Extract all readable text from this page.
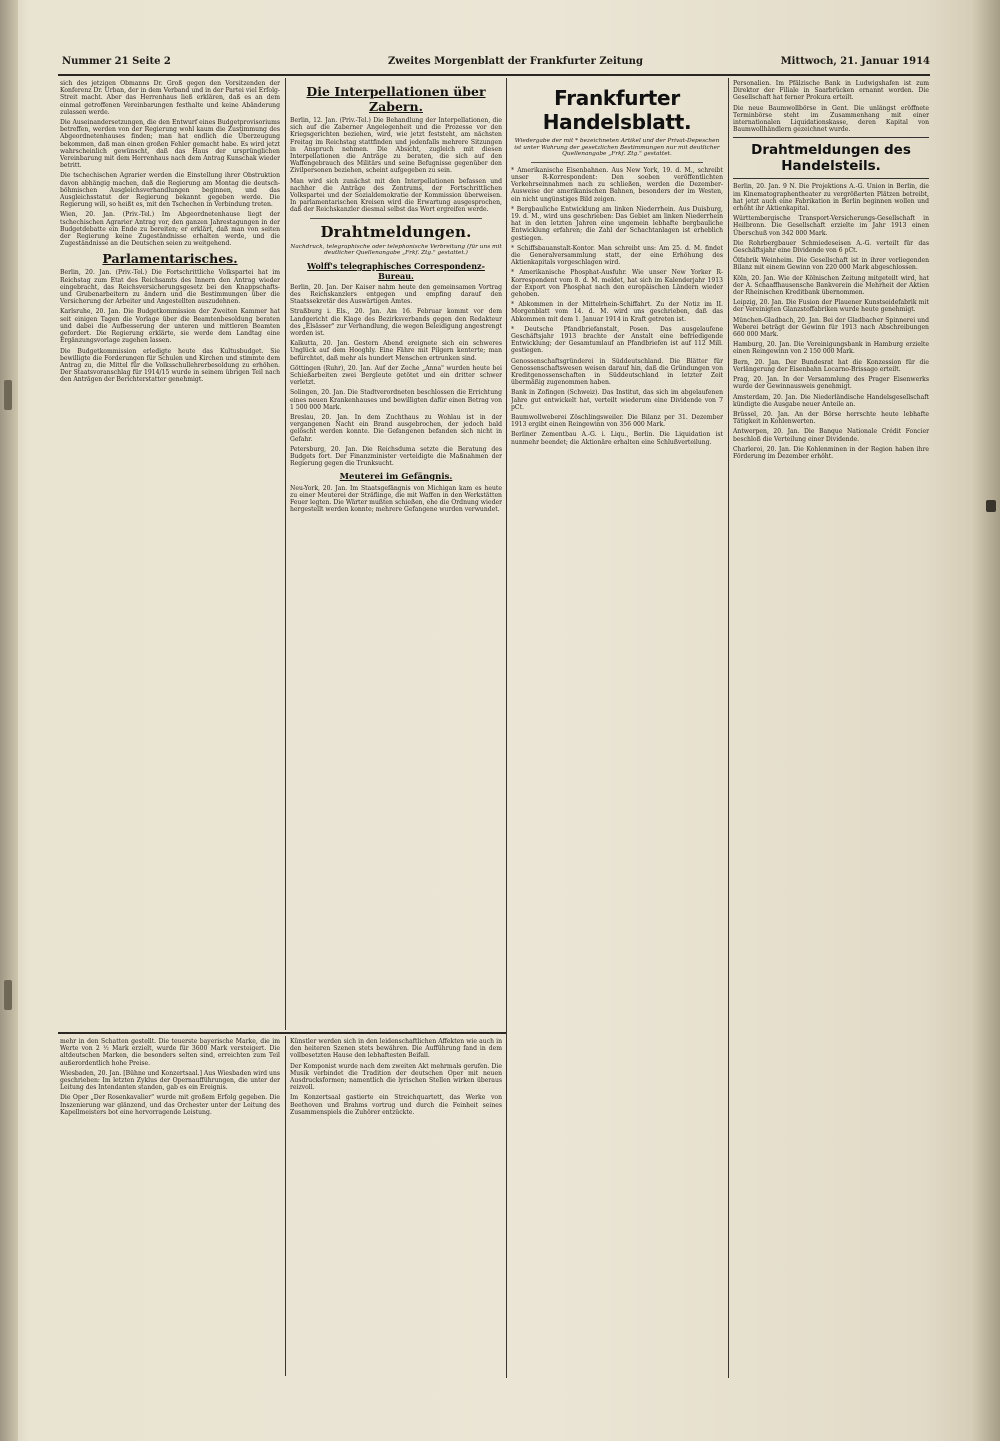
Nummer 21 Seite 2	Zweites Morgenblatt der Frankfurter Zeitung	Mittwoch, 21. Januar 1914

sich des jetzigen Obmanns Dr. Groß gegen den Vorsitzenden der Konferenz Dr. Urban, der in dem Verband und in der Partei viel Erfolg-Streit macht. Aber das Herrenhaus ließ erklären, daß es an dem einmal getroffenen Vereinbarungen festhalte und keine Abänderung zulassen werde.

Die Auseinandersetzungen, die den Entwurf eines Budgetprovisoriums betreffen, werden von der Regierung wohl kaum die Zustimmung des Abgeordnetenhauses finden; man hat endlich die Überzeugung bekommen, daß man einen großen Fehler gemacht habe. Es wird jetzt wahrscheinlich gewünscht, daß das Haus der ursprünglichen Vereinbarung mit dem Herrenhaus nach dem Antrag Kunschak wieder betritt.

Die tschechischen Agrarier werden die Einstellung ihrer Obstruktion davon abhängig machen, daß die Regierung am Montag die deutsch-böhmischen Ausgleichsverhandlungen beginnen, und das Ausgleichsstatut der Regierung bekannt gegeben werde. Die Regierung will, so heißt es, mit den Tschechen in Verbindung treten.

Wien, 20. Jan. (Priv.-Tel.) Im Abgeordnetenhause liegt der tschechischen Agrarier Antrag vor, den ganzen Jahrestagungen in der Budgetdebatte ein Ende zu bereiten; er erklärt, daß man von seiten der Regierung keine Zugeständnisse erhalten werde, und die Zugeständnisse an die Deutschen seien zu weitgehend.

Parlamentarisches.

Berlin, 20. Jan. (Priv.-Tel.) Die Fortschrittliche Volkspartei hat im Reichstag zum Etat des Reichsamts des Innern den Antrag wieder eingebracht, das Reichsversicherungsgesetz bei den Knappschafts- und Grubenarbeitern zu ändern und die Bestimmungen über die Versicherung der Arbeiter und Angestellten auszudehnen.

Karlsruhe, 20. Jan. Die Budgetkommission der Zweiten Kammer hat seit einigen Tagen die Vorlage über die Beamtenbesoldung beraten und dabei die Aufbesserung der unteren und mittleren Beamten gefordert. Die Regierung erklärte, sie werde dem Landtag eine Ergänzungsvorlage zugehen lassen.

Die Budgetkommission erledigte heute das Kultusbudget. Sie bewilligte die Forderungen für Schulen und Kirchen und stimmte dem Antrag zu, die Mittel für die Volksschullehrerbesoldung zu erhöhen. Der Staatsvoranschlag für 1914/15 wurde in seinem übrigen Teil nach den Anträgen der Berichterstatter genehmigt.

Die Interpellationen über Zabern.

Berlin, 12. Jan. (Priv.-Tel.) Die Behandlung der Interpellationen, die sich auf die Zaberner Angelegenheit und die Prozesse vor den Kriegsgerichten beziehen, wird, wie jetzt feststeht, am nächsten Freitag im Reichstag stattfinden und jedenfalls mehrere Sitzungen in Anspruch nehmen. Die Absicht, zugleich mit diesen Interpellationen die Anträge zu beraten, die sich auf den Waffengebrauch des Militärs und seine Befugnisse gegenüber den Zivilpersonen beziehen, scheint aufgegeben zu sein.

Man wird sich zunächst mit den Interpellationen befassen und nachher die Anträge des Zentrums, der Fortschrittlichen Volkspartei und der Sozialdemokratie der Kommission überweisen. In parlamentarischen Kreisen wird die Erwartung ausgesprochen, daß der Reichskanzler diesmal selbst das Wort ergreifen werde.

Drahtmeldungen.

Nachdruck, telegraphische oder telephonische Verbreitung (für uns mit deutlicher Quellenangabe „Frkf. Ztg." gestattet.)

Wolff's telegraphisches Correspondenz-Bureau.

Berlin, 20. Jan. Der Kaiser nahm heute den gemeinsamen Vortrag des Reichskanzlers entgegen und empfing darauf den Staatssekretär des Auswärtigen Amtes.

Straßburg i. Els., 20. Jan. Am 16. Februar kommt vor dem Landgericht die Klage des Bezirksverbands gegen den Redakteur des „Elsässer" zur Verhandlung, die wegen Beleidigung angestrengt worden ist.

Kalkutta, 20. Jan. Gestern Abend ereignete sich ein schweres Unglück auf dem Hooghly. Eine Fähre mit Pilgern kenterte; man befürchtet, daß mehr als hundert Menschen ertrunken sind.

Göttingen (Ruhr), 20. Jan. Auf der Zeche „Anna" wurden heute bei Schießarbeiten zwei Bergleute getötet und ein dritter schwer verletzt.

Solingen, 20. Jan. Die Stadtverordneten beschlossen die Errichtung eines neuen Krankenhauses und bewilligten dafür einen Betrag von 1 500 000 Mark.

Breslau, 20. Jan. In dem Zuchthaus zu Wohlau ist in der vergangenen Nacht ein Brand ausgebrochen, der jedoch bald gelöscht werden konnte. Die Gefangenen befanden sich nicht in Gefahr.

Petersburg, 20. Jan. Die Reichsduma setzte die Beratung des Budgets fort. Der Finanzminister verteidigte die Maßnahmen der Regierung gegen die Trunksucht.

Meuterei im Gefängnis.

Neu-York, 20. Jan. Im Staatsgefängnis von Michigan kam es heute zu einer Meuterei der Sträflinge, die mit Waffen in den Werkstätten Feuer legten. Die Wärter mußten schießen, ehe die Ordnung wieder hergestellt werden konnte; mehrere Gefangene wurden verwundet.

Frankfurter Handelsblatt.

Wiedergabe der mit * bezeichneten Artikel und der Privat-Depeschen ist unter Wahrung der gesetzlichen Bestimmungen nur mit deutlicher Quellenangabe „Frkf. Ztg." gestattet.

* Amerikanische Eisenbahnen. Aus New York, 19. d. M., schreibt unser R-Korrespondent: Den soeben veröffentlichten Verkehrseinnahmen nach zu schließen, werden die Dezember-Ausweise der amerikanischen Bahnen, besonders der im Westen, ein nicht ungünstiges Bild zeigen.

* Bergbauliche Entwicklung am linken Niederrhein. Aus Duisburg, 19. d. M., wird uns geschrieben: Das Gebiet am linken Niederrhein hat in den letzten Jahren eine ungemein lebhafte bergbauliche Entwicklung erfahren; die Zahl der Schachtanlagen ist erheblich gestiegen.

* Schiffsbauanstalt-Kontor. Man schreibt uns: Am 25. d. M. findet die Generalversammlung statt, der eine Erhöhung des Aktienkapitals vorgeschlagen wird.

* Amerikanische Phosphat-Ausfuhr. Wie unser New Yorker R-Korrespondent vom 8. d. M. meldet, hat sich im Kalenderjahr 1913 der Export von Phosphat nach den europäischen Ländern wieder gehoben.

* Abkommen in der Mittelrhein-Schiffahrt. Zu der Notiz im II. Morgenblatt vom 14. d. M. wird uns geschrieben, daß das Abkommen mit dem 1. Januar 1914 in Kraft getreten ist.

* Deutsche Pfandbriefanstalt, Posen. Das ausgelaufene Geschäftsjahr 1913 brachte der Anstalt eine befriedigende Entwicklung; der Gesamtumlauf an Pfandbriefen ist auf 112 Mill. gestiegen.

Genossenschaftsgründerei in Süddeutschland. Die Blätter für Genossenschaftswesen weisen darauf hin, daß die Gründungen von Kreditgenossenschaften in Süddeutschland in letzter Zeit übermäßig zugenommen haben.

Bank in Zofingen (Schweiz). Das Institut, das sich im abgelaufenen Jahre gut entwickelt hat, verteilt wiederum eine Dividende von 7 pCt.

Baumwollweberei Zöschlingsweiler. Die Bilanz per 31. Dezember 1913 ergibt einen Reingewinn von 356 000 Mark.

Berliner Zementbau A.-G. i. Liqu., Berlin. Die Liquidation ist nunmehr beendet; die Aktionäre erhalten eine Schlußverteilung.

Personalien. Im Pfälzische Bank in Ludwigshafen ist zum Direktor der Filiale in Saarbrücken ernannt worden. Die Gesellschaft hat ferner Prokura erteilt.

Die neue Baumwollbörse in Gent. Die unlängst eröffnete Terminbörse steht im Zusammenhang mit einer internationalen Liquidationskasse, deren Kapital von Baumwollhändlern gezeichnet wurde.

Drahtmeldungen des Handelsteils.

Berlin, 20. Jan. 9 N. Die Projektions A.-G. Union in Berlin, die im Kinematographentheater zu vergrößerten Plätzen betreibt, hat jetzt auch eine Fabrikation in Berlin beginnen wollen und erhöht ihr Aktienkapital.

Württembergische Transport-Versicherungs-Gesellschaft in Heilbronn. Die Gesellschaft erzielte im Jahr 1913 einen Überschuß von 342 000 Mark.

Die Rohrbergbauer Schmiedeseisen A.-G. verteilt für das Geschäftsjahr eine Dividende von 6 pCt.

Ölfabrik Weinheim. Die Gesellschaft ist in ihrer vorliegenden Bilanz mit einem Gewinn von 220 000 Mark abgeschlossen.

Köln, 20. Jan. Wie der Kölnischen Zeitung mitgeteilt wird, hat der A. Schaaffhausensche Bankverein die Mehrheit der Aktien der Rheinischen Kreditbank übernommen.

Leipzig, 20. Jan. Die Fusion der Plauener Kunstseidefabrik mit der Vereinigten Glanzstoffabriken wurde heute genehmigt.

München-Gladbach, 20. Jan. Bei der Gladbacher Spinnerei und Weberei beträgt der Gewinn für 1913 nach Abschreibungen 660 000 Mark.

Hamburg, 20. Jan. Die Vereinigungsbank in Hamburg erzielte einen Reingewinn von 2 150 000 Mark.

Bern, 20. Jan. Der Bundesrat hat die Konzession für die Verlängerung der Eisenbahn Locarno-Brissago erteilt.

Prag, 20. Jan. In der Versammlung des Prager Eisenwerks wurde der Gewinnausweis genehmigt.

Amsterdam, 20. Jan. Die Niederländische Handelsgesellschaft kündigte die Ausgabe neuer Anteile an.

Brüssel, 20. Jan. An der Börse herrschte heute lebhafte Tätigkeit in Kohlenwerten.

Antwerpen, 20. Jan. Die Banque Nationale Crédit Foncier beschloß die Verteilung einer Dividende.

Charleroi, 20. Jan. Die Kohlenminen in der Region haben ihre Förderung im Dezember erhöht.

mehr in den Schatten gestellt. Die teuerste bayerische Marke, die im Werte von 2 ½ Mark erzielt, wurde für 3600 Mark versteigert. Die altdeutschen Marken, die besonders selten sind, erreichten zum Teil außerordentlich hohe Preise.

Wiesbaden, 20. Jan. [Bühne und Konzertsaal.] Aus Wiesbaden wird uns geschrieben: Im letzten Zyklus der Opernaufführungen, die unter der Leitung des Intendanten standen, gab es ein Ereignis.

Die Oper „Der Rosenkavalier" wurde mit großem Erfolg gegeben. Die Inszenierung war glänzend, und das Orchester unter der Leitung des Kapellmeisters bot eine hervorragende Leistung.

Künstler werden sich in den leidenschaftlichen Affekten wie auch in den heiteren Szenen stets bewähren. Die Aufführung fand in dem vollbesetzten Hause den lebhaftesten Beifall.

Der Komponist wurde nach dem zweiten Akt mehrmals gerufen. Die Musik verbindet die Tradition der deutschen Oper mit neuen Ausdrucksformen; namentlich die lyrischen Stellen wirken überaus reizvoll.

Im Konzertsaal gastierte ein Streichquartett, das Werke von Beethoven und Brahms vortrug und durch die Feinheit seines Zusammenspiels die Zuhörer entzückte.
